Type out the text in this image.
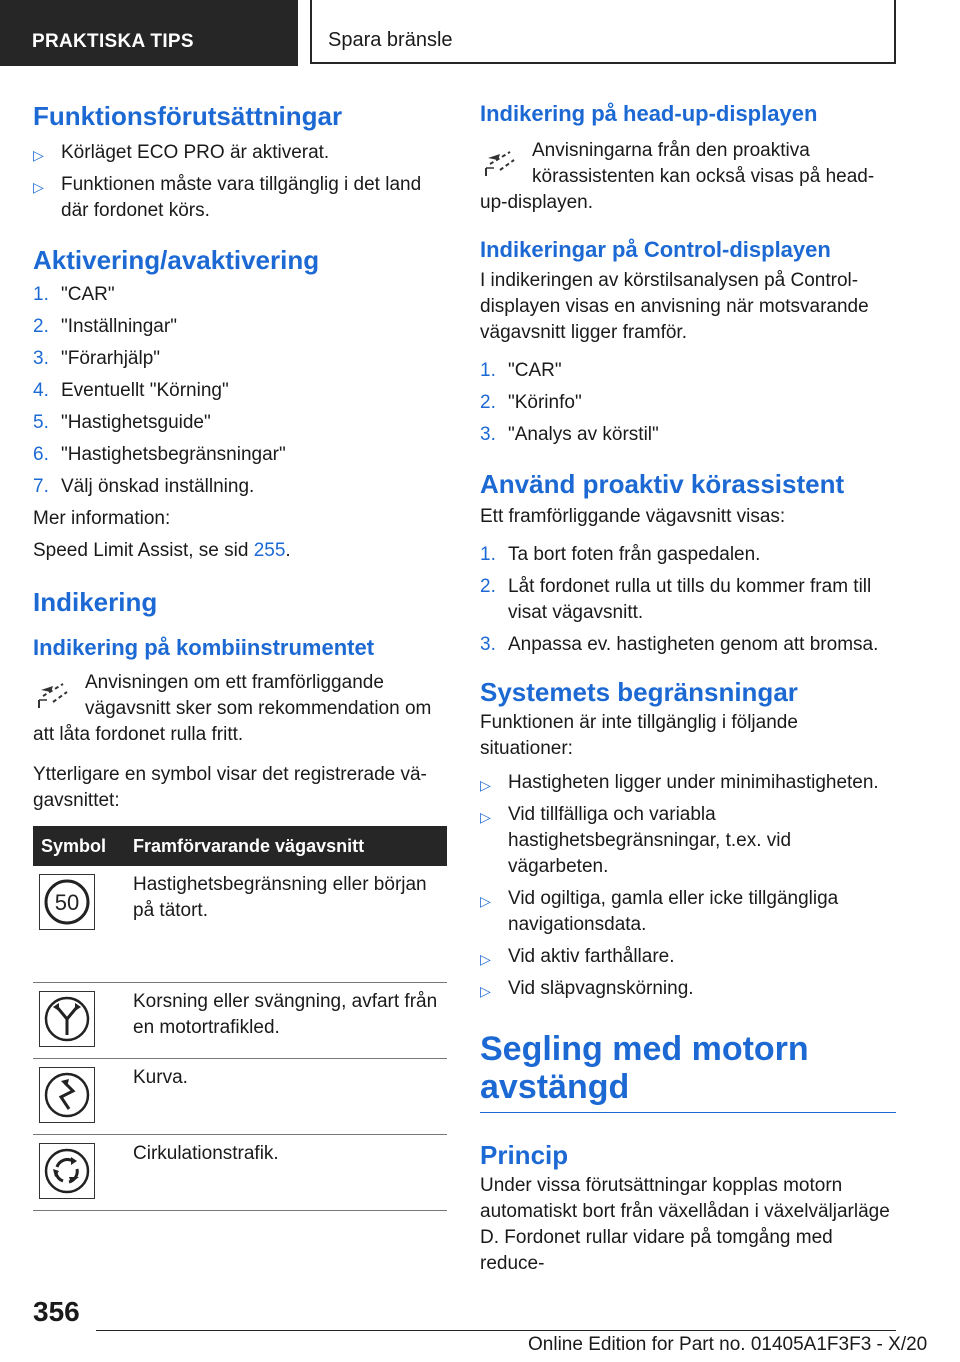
PRAKTISKA TIPS	Spara bränsle
Funktionsförutsättningar
▷ Körläget ECO PRO är aktiverat.
▷ Funktionen måste vara tillgänglig i det land där fordonet körs.
Aktivering/avaktivering
1. "CAR"
2. "Inställningar"
3. "Förarhjälp"
4. Eventuellt "Körning"
5. "Hastighetsguide"
6. "Hastighetsbegränsningar"
7. Välj önskad inställning.

Mer information:

Speed Limit Assist, se sid 255.

Indikering
Indikering på kombiinstrumentet
Anvisningen om ett framförliggande vägavsnitt sker som rekommendation om att låta fordonet rulla fritt.

Ytterligare en symbol visar det registrerade vä-gavsnittet:

Symbol	Framförvarande vägavsnitt

50	Hastighetsbegränsning eller början på tätort.

	Korsning eller svängning, avfart från en motortrafikled.

	Kurva.

	Cirkulationstrafik.
Indikering på head-up-displayen
Anvisningarna från den proaktiva körassistenten kan också visas på head-up-displayen.
Indikeringar på Control-displayen

I indikeringen av körstilsanalysen på Control-displayen visas en anvisning när motsvarande vägavsnitt ligger framför.

1. "CAR"
2. "Körinfo"
3. "Analys av körstil"
Använd proaktiv körassistent

Ett framförliggande vägavsnitt visas:

1. Ta bort foten från gaspedalen.
2. Låt fordonet rulla ut tills du kommer fram till visat vägavsnitt.
3. Anpassa ev. hastigheten genom att bromsa.
Systemets begränsningar

Funktionen är inte tillgänglig i följande situationer:

▷ Hastigheten ligger under minimihastigheten.
▷ Vid tillfälliga och variabla hastighetsbegränsningar, t.ex. vid vägarbeten.
▷ Vid ogiltiga, gamla eller icke tillgängliga navigationsdata.
▷ Vid aktiv farthållare.
▷ Vid släpvagnskörning.
Segling med motorn avstängd
Princip

Under vissa förutsättningar kopplas motorn automatiskt bort från växellådan i växelväljarläge D. Fordonet rullar vidare på tomgång med reduce-

356
Online Edition for Part no. 01405A1F3F3 - X/20
